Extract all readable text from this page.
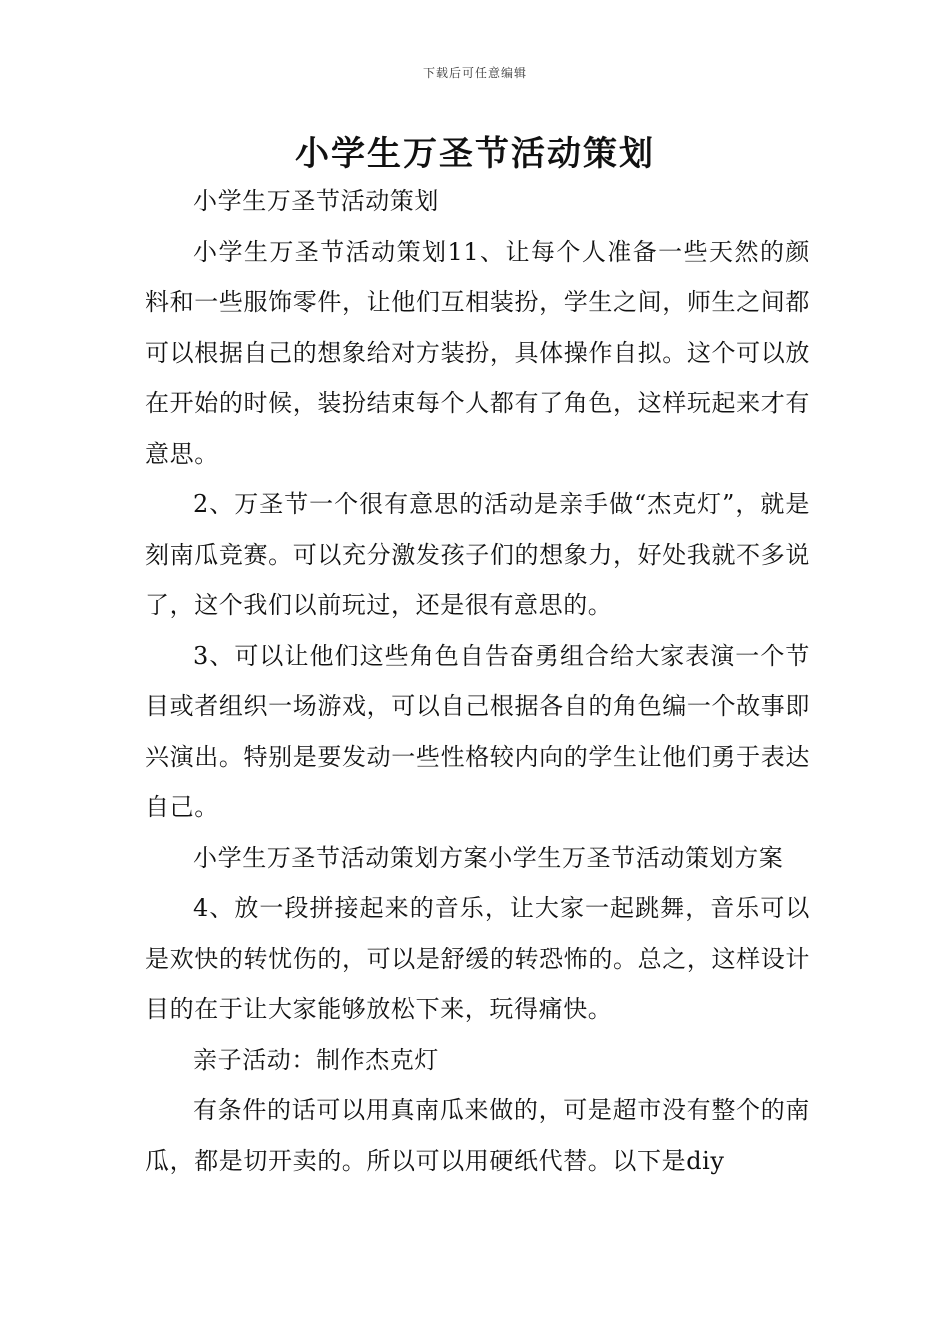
下载后可任意编辑
小学生万圣节活动策划

小学生万圣节活动策划

小学生万圣节活动策划11、让每个人准备一些天然的颜料和一些服饰零件，让他们互相装扮，学生之间，师生之间都可以根据自己的想象给对方装扮，具体操作自拟。这个可以放在开始的时候，装扮结束每个人都有了角色，这样玩起来才有意思。

2、万圣节一个很有意思的活动是亲手做“杰克灯”，就是刻南瓜竞赛。可以充分激发孩子们的想象力，好处我就不多说了，这个我们以前玩过，还是很有意思的。

3、可以让他们这些角色自告奋勇组合给大家表演一个节目或者组织一场游戏，可以自己根据各自的角色编一个故事即兴演出。特别是要发动一些性格较内向的学生让他们勇于表达自己。

小学生万圣节活动策划方案小学生万圣节活动策划方案

4、放一段拼接起来的音乐，让大家一起跳舞，音乐可以是欢快的转忧伤的，可以是舒缓的转恐怖的。总之，这样设计目的在于让大家能够放松下来，玩得痛快。

亲子活动：制作杰克灯

有条件的话可以用真南瓜来做的，可是超市没有整个的南瓜，都是切开卖的。所以可以用硬纸代替。以下是diy
